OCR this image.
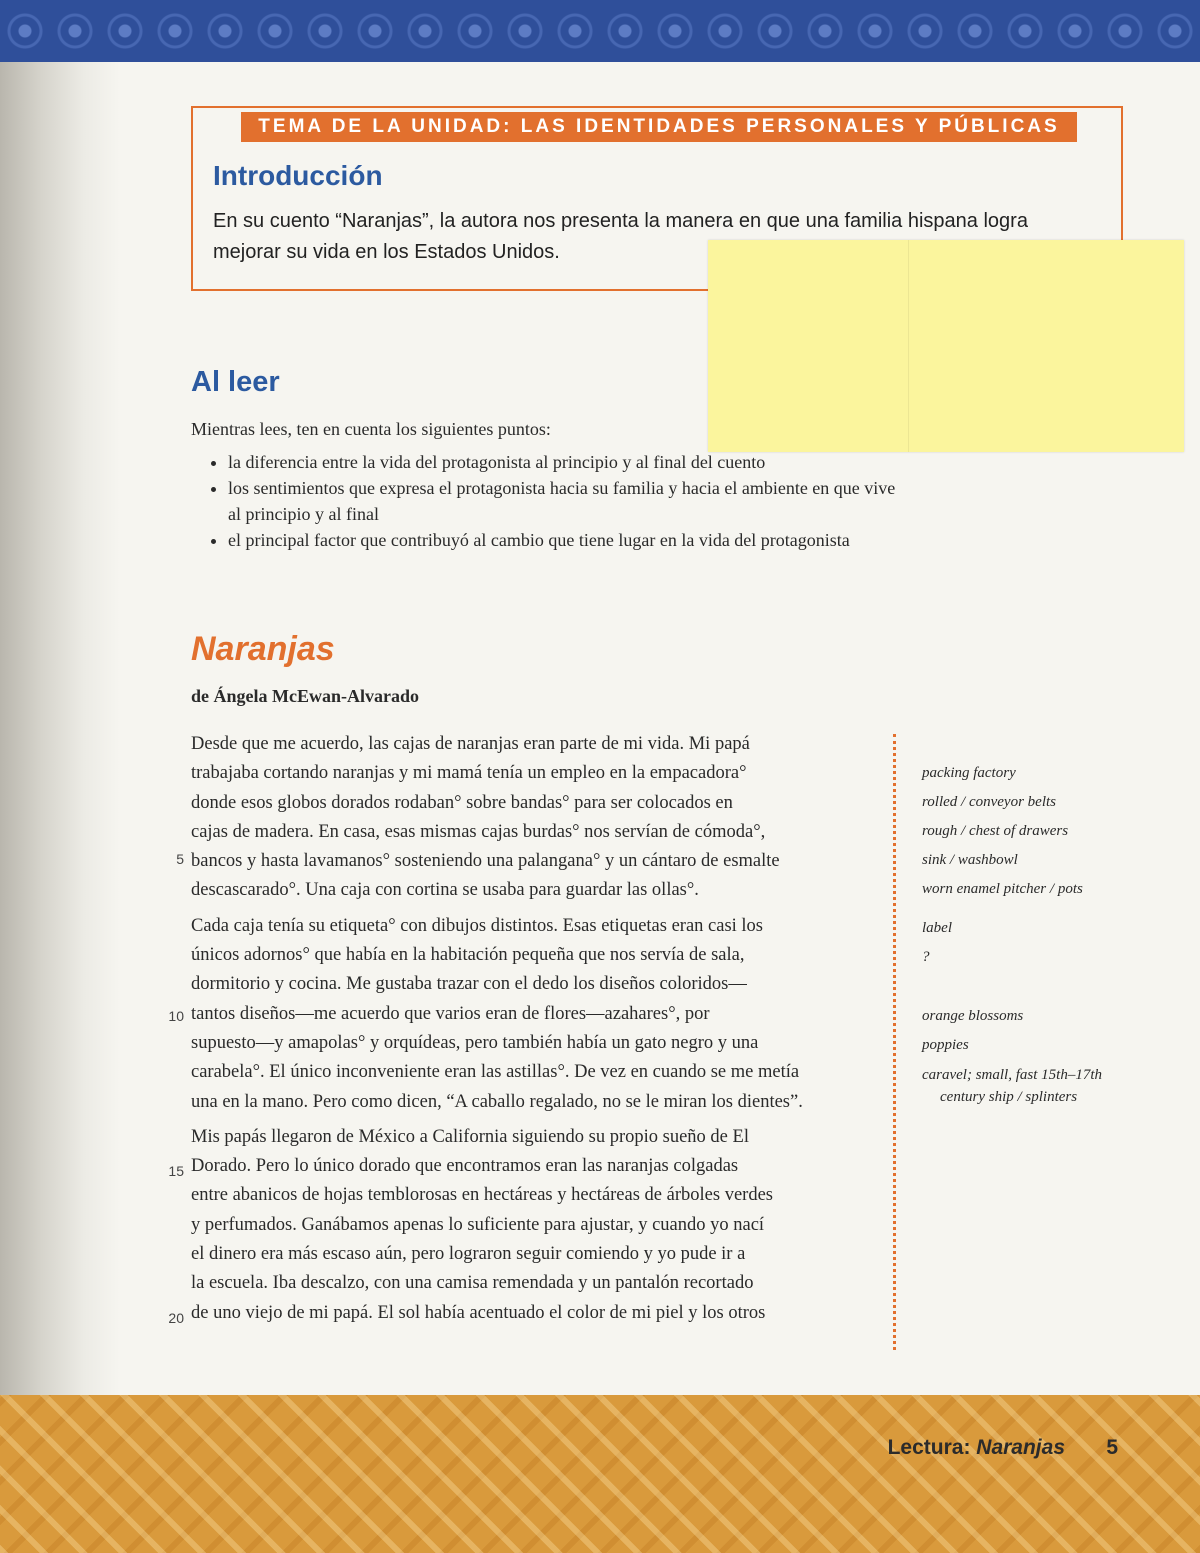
TEMA DE LA UNIDAD: LAS IDENTIDADES PERSONALES Y PÚBLICAS
Introducción
En su cuento “Naranjas”, la autora nos presenta la manera en que una familia hispana logra
mejorar su vida en los Estados Unidos.
Al leer
Mientras lees, ten en cuenta los siguientes puntos:
• la diferencia entre la vida del protagonista al principio y al final del cuento
• los sentimientos que expresa el protagonista hacia su familia y hacia el ambiente en que vive al principio y al final
• el principal factor que contribuyó al cambio que tiene lugar en la vida del protagonista
Naranjas
de Ángela McEwan-Alvarado
Desde que me acuerdo, las cajas de naranjas eran parte de mi vida. Mi papá
trabajaba cortando naranjas y mi mamá tenía un empleo en la empacadora°
donde esos globos dorados rodaban° sobre bandas° para ser colocados en
cajas de madera. En casa, esas mismas cajas burdas° nos servían de cómoda°,
bancos y hasta lavamanos° sosteniendo una palangana° y un cántaro de esmalte
descascarado°. Una caja con cortina se usaba para guardar las ollas°.
Cada caja tenía su etiqueta° con dibujos distintos. Esas etiquetas eran casi los
únicos adornos° que había en la habitación pequeña que nos servía de sala,
dormitorio y cocina. Me gustaba trazar con el dedo los diseños coloridos—
tantos diseños—me acuerdo que varios eran de flores—azahares°, por
supuesto—y amapolas° y orquídeas, pero también había un gato negro y una
carabela°. El único inconveniente eran las astillas°. De vez en cuando se me metía
una en la mano. Pero como dicen, “A caballo regalado, no se le miran los dientes”.
Mis papás llegaron de México a California siguiendo su propio sueño de El
Dorado. Pero lo único dorado que encontramos eran las naranjas colgadas
entre abanicos de hojas temblorosas en hectáreas y hectáreas de árboles verdes
y perfumados. Ganábamos apenas lo suficiente para ajustar, y cuando yo nací
el dinero era más escaso aún, pero lograron seguir comiendo y yo pude ir a
la escuela. Iba descalzo, con una camisa remendada y un pantalón recortado
de uno viejo de mi papá. El sol había acentuado el color de mi piel y los otros
5
10
15
20
packing factory
rolled / conveyor belts
rough / chest of drawers
sink / washbowl
worn enamel pitcher / pots
label
?
orange blossoms
poppies
caravel; small, fast 15th–17th
century ship / splinters
Lectura: Naranjas 5
